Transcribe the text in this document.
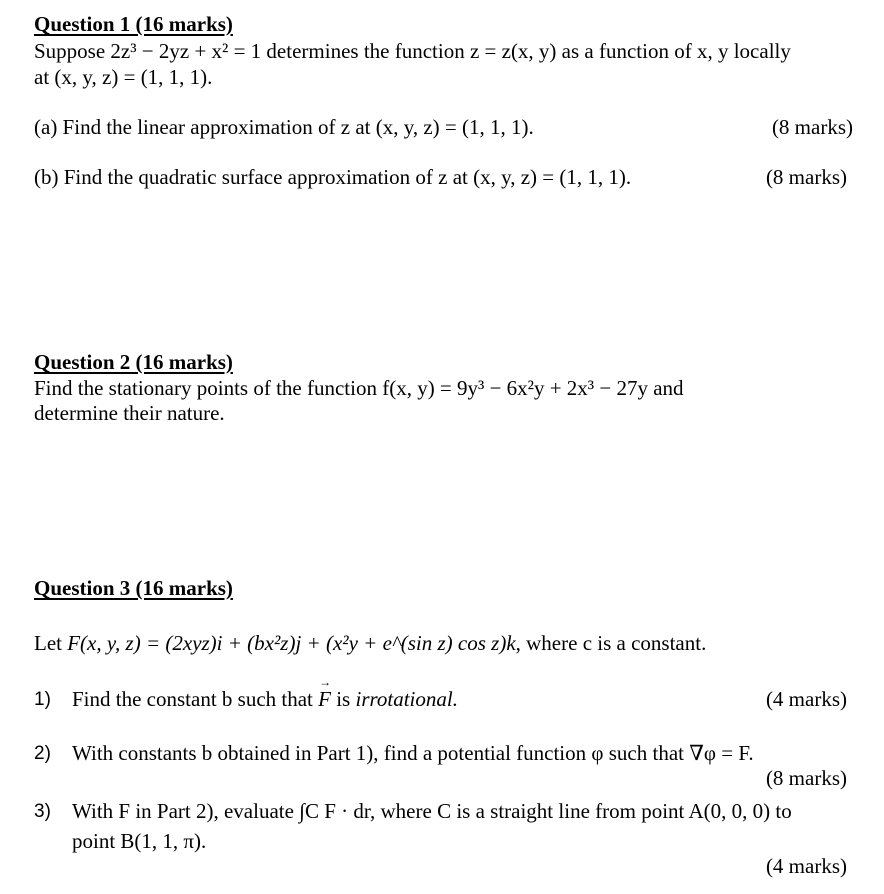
Question 1 (16 marks)
Suppose 2z³ − 2yz + x² = 1 determines the function z = z(x, y) as a function of x, y locally
at (x, y, z) = (1, 1, 1).
(a) Find the linear approximation of z at (x, y, z) = (1, 1, 1).	(8 marks)
(b) Find the quadratic surface approximation of z at (x, y, z) = (1, 1, 1).	(8 marks)
Question 2 (16 marks)
Find the stationary points of the function f(x, y) = 9y³ − 6x²y + 2x³ − 27y and
determine their nature.
Question 3 (16 marks)
Let F(x, y, z) = (2xyz)i + (bx²z)j + (x²y + e^(sin z) cos z)k, where c is a constant.
1) Find the constant b such that → F is irrotational.	(4 marks)
2) With constants b obtained in Part 1), find a potential function φ such that ∇φ = F.
(8 marks)
3) With F in Part 2), evaluate ∫C F · dr, where C is a straight line from point A(0, 0, 0) to
point B(1, 1, π).
(4 marks)
